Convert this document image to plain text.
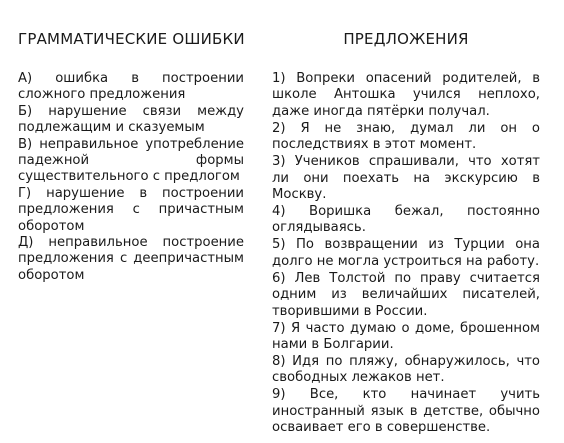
ГРАММАТИЧЕСКИЕ ОШИБКИ
А) ошибка в построении сложного предложения
Б) нарушение связи между подлежащим и сказуемым
В) неправильное употребление падежной формы существительного с предлогом
Г) нарушение в построении предложения с причастным оборотом
Д) неправильное построение предложения с деепричастным оборотом
ПРЕДЛОЖЕНИЯ
1) Вопреки опасений родителей, в школе Антошка учился неплохо, даже иногда пятёрки получал.
2) Я не знаю, думал ли он о последствиях в этот момент.
3) Учеников спрашивали, что хотят ли они поехать на экскурсию в Москву.
4) Воришка бежал, постоянно оглядываясь.
5) По возвращении из Турции она долго не могла устроиться на работу.
6) Лев Толстой по праву считается одним из величайших писателей, творившими в России.
7) Я часто думаю о доме, брошенном нами в Болгарии.
8) Идя по пляжу, обнаружилось, что свободных лежаков нет.
9) Все, кто начинает учить иностранный язык в детстве, обычно осваивает его в совершенстве.
